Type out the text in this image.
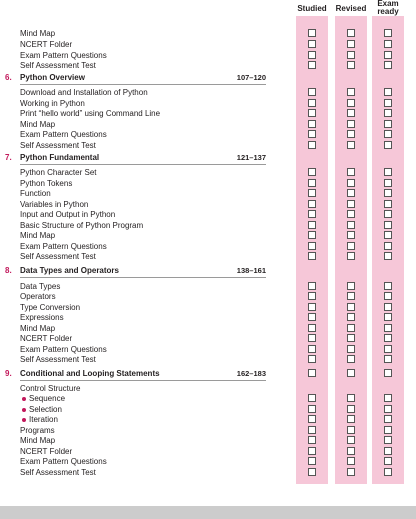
Studied	Revised
Exam
ready
Mind Map
NCERT Folder
Exam Pattern Questions
Self Assessment Test
6. Python Overview	107–120
Download and Installation of Python
Working in Python
Print “hello world” using Command Line
Mind Map
Exam Pattern Questions
Self Assessment Test
7. Python Fundamental	121–137
Python Character Set
Python Tokens
Function
Variables in Python
Input and Output in Python
Basic Structure of Python Program
Mind Map
Exam Pattern Questions
Self Assessment Test
8. Data Types and Operators	138–161
Data Types
Operators
Type Conversion
Expressions
Mind Map
NCERT Folder
Exam Pattern Questions
Self Assessment Test
9. Conditional and Looping Statements	162–183
Control Structure
Sequence
Selection
Iteration
Programs
Mind Map
NCERT Folder
Exam Pattern Questions
Self Assessment Test
